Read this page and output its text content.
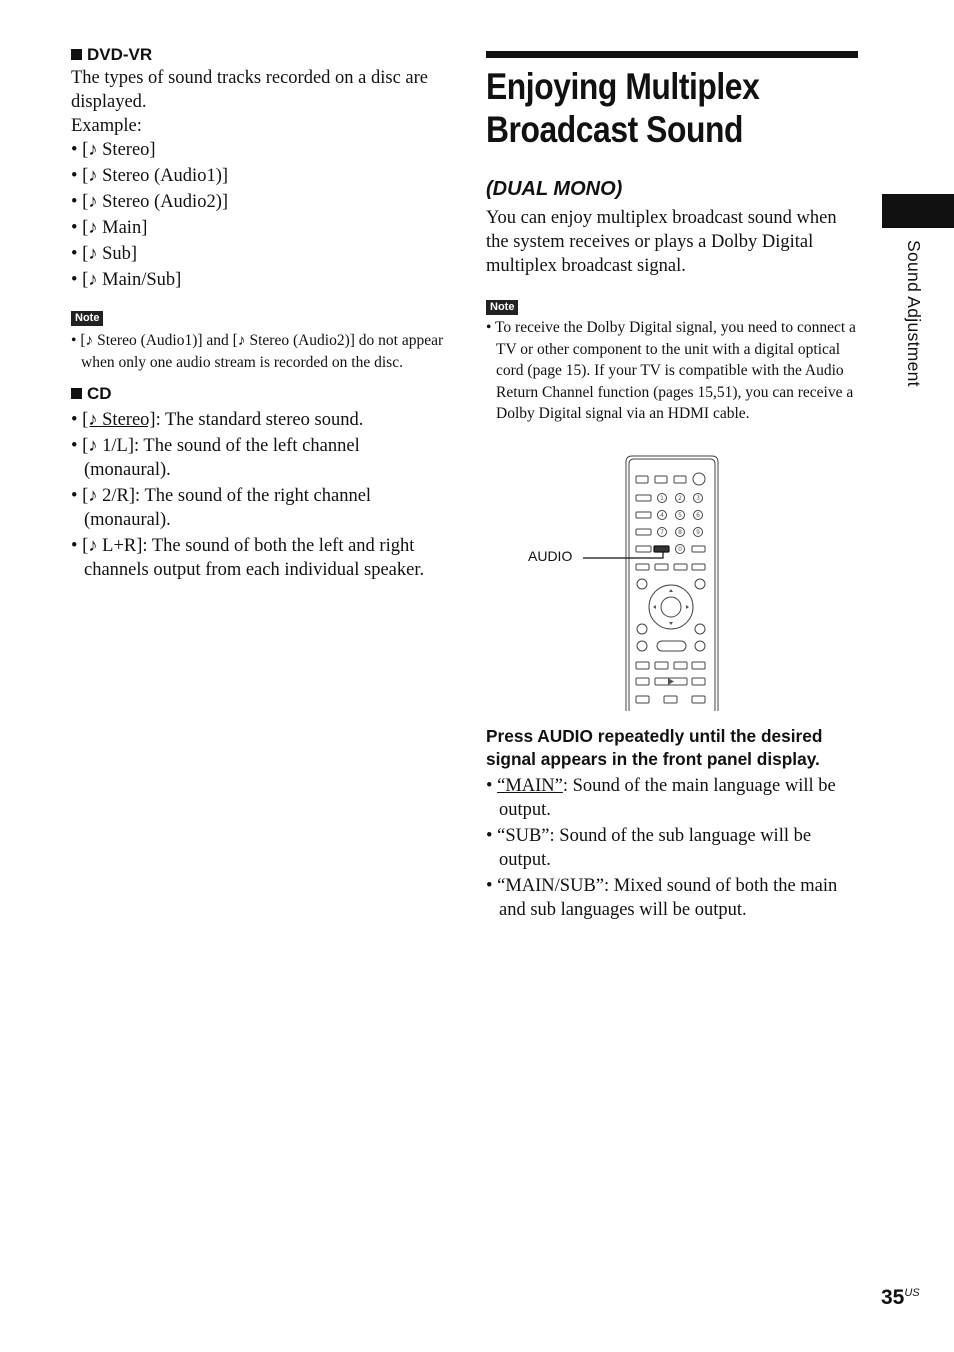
DVD-VR

The types of sound tracks recorded on a disc are displayed.

Example:

• [♪ Stereo]
• [♪ Stereo (Audio1)]
• [♪ Stereo (Audio2)]
• [♪ Main]
• [♪ Sub]
• [♪ Main/Sub]
Note

• [♪ Stereo (Audio1)] and [♪ Stereo (Audio2)] do not appear when only one audio stream is recorded on the disc.

CD

• [♪ Stereo]: The standard stereo sound.
• [♪ 1/L]: The sound of the left channel (monaural).
• [♪ 2/R]: The sound of the right channel (monaural).
• [♪ L+R]: The sound of both the left and right channels output from each individual speaker.
Enjoying Multiplex
Broadcast Sound

(DUAL MONO)

You can enjoy multiplex broadcast sound when the system receives or plays a Dolby Digital multiplex broadcast signal.

Note

• To receive the Dolby Digital signal, you need to connect a TV or other component to the unit with a digital optical cord (page 15). If your TV is compatible with the Audio Return Channel function (pages 15,51), you can receive a Dolby Digital signal via an HDMI cable.

Press AUDIO repeatedly until the desired signal appears in the front panel display.

• “MAIN”: Sound of the main language will be output.
• “SUB”: Sound of the sub language will be output.
• “MAIN/SUB”: Mixed sound of both the main and sub languages will be output.
1 2 3
4 5 6
7 8 9
0
AUDIO
Sound Adjustment
$35^{US}$
